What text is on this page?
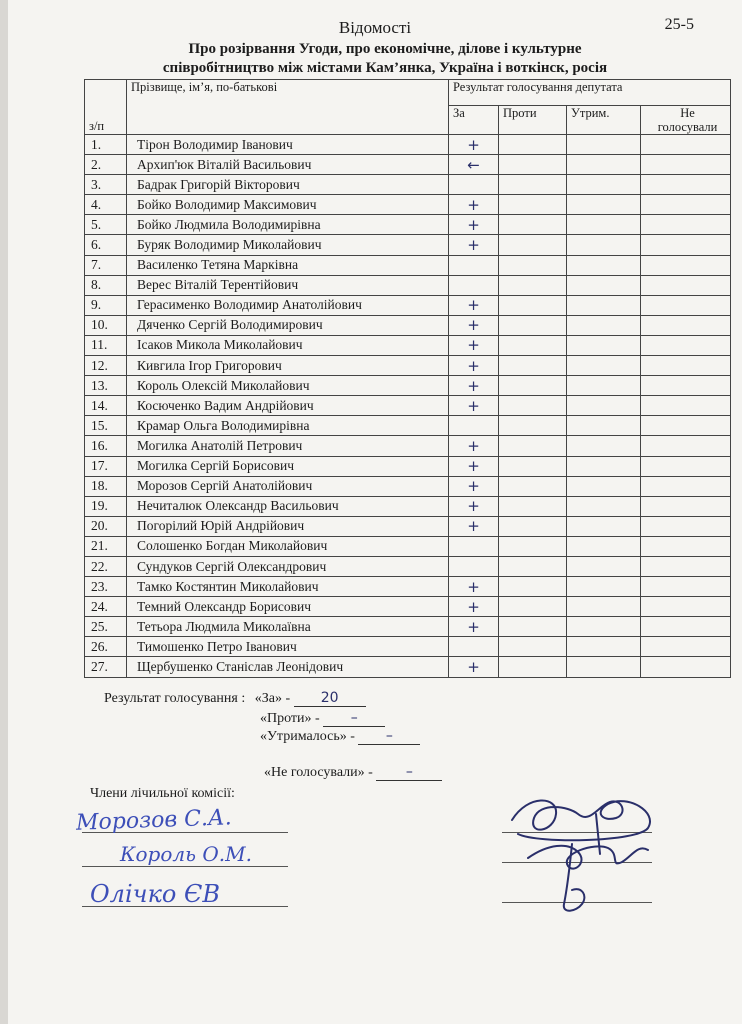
Відомості	25-5
Про розірвання Угоди, про економічне, ділове і культурне
співробітництво між містами Кам’янка, Україна і воткінск, росія
з/п	Прізвище, ім’я, по-батькові	Результат голосування депутата			
		За	Проти	Утрим.	Не
голосували

1.	Тірон Володимир Іванович	+			
2.	Архип'юк Віталій Васильович	←			
3.	Бадрак Григорій Вікторович				
4.	Бойко Володимир Максимович	+			
5.	Бойко Людмила Володимирівна	+			
6.	Буряк Володимир Миколайович	+			
7.	Василенко Тетяна Марківна				
8.	Верес Віталій Терентійович				
9.	Герасименко Володимир Анатолійович	+			
10.	Дяченко Сергій Володимирович	+			
11.	Ісаков Микола Миколайович	+			
12.	Кивгила Ігор Григорович	+			
13.	Король Олексій Миколайович	+			
14.	Косюченко Вадим Андрійович	+			
15.	Крамар Ольга Володимирівна				
16.	Могилка Анатолій Петрович	+			
17.	Могилка Сергій Борисович	+			
18.	Морозов Сергій Анатолійович	+			
19.	Нечиталюк Олександр Васильович	+			
20.	Погорілий Юрій Андрійович	+			
21.	Солошенко Богдан Миколайович				
22.	Сундуков Сергій Олександрович				
23.	Тамко Костянтин Миколайович	+			
24.	Темний Олександр Борисович	+			
25.	Тетьора Людмила Миколаївна	+			
26.	Тимошенко Петро Іванович				
27.	Щербушенко Станіслав Леонідович	+			
Результат голосування : «За» - 20
«Проти» - –
«Утрималось» - –
«Не голосували» - –
Члени лічильної комісії:
Морозов С.А.
Король О.М.
Олічко ЄВ
